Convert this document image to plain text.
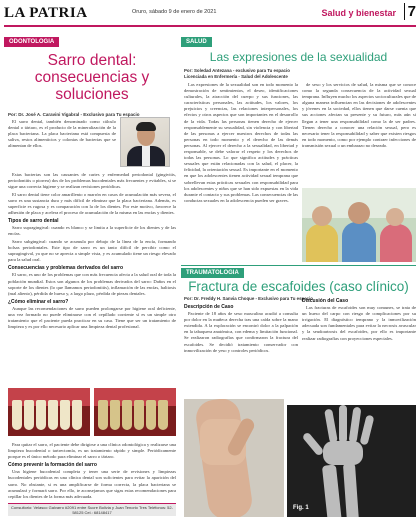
LA PATRIA	Oruro, sábado 9 de enero de 2021	Salud y bienestar 7
ODONTOLOGIA
Sarro dental: consecuencias y soluciones
Por: Dr. José A. Caravini Vigabral - Exclusivo para Tu espacio

El sarro dental, también denominado como cálculo dental o tártaro, es el producto de la mineralización de la placa bacteriana. La placa bacteriana está compuesta de saliva, restos alimenticios y colonias de bacterias que se alimentan de ellos.

Estas bacterias son las causantes de caries y enfermedad periodontal (gingivitis, periodontitis o piorrea) dos de los problemas bucodentales más frecuentes y evitables, si se sigue una correcta higiene y se realizan revisiones periódicas.

El sarro dental tiene color amarillento o marrón en casos de acumulación más severa, el sarro es una sustancia dura y más difícil de eliminar que la placa bacteriana. Además, es superficie es rugosa y es comparación con la de los dientes. Por este motivo, favorece la adhesión de placa y acelera el proceso de acumulación de la misma en las encías y dientes.

Tipos de sarro dental

Sarro supragingival: cuando es blanco y se limita a la superficie de los dientes y de las encías.

Sarro subgingival: cuando se acumula por debajo de la línea de la encía, formando bolsas periodontales. Este tipo de sarro es un tanto difícil de percibir como el supragingival, ya que no se aprecia a simple vista, y es acumulado tiene un riesgo elevado para la salud oral.

Consecuencias y problemas derivados del sarro

El sarro, es uno de los problemas que con más frecuencia afecta a la salud oral de toda la población mundial. Estos son algunos de los problemas derivados del sarro: Daños en el soporte de los dientes (lo que llamamos periodontitis), inflamación de las encías, halitosis (mal aliento), pérdida de hueso y, a largo plazo, pérdida de piezas dentales.

¿Cómo eliminar el sarro?

Aunque las recomendaciones de sarro pueden prolongarse por higiene oral deficiente, una vez formado no puede eliminarse con el cepillado corriente sí es un simple otro tratamiento que el paciente pueda practicar en su casa. Tiene que ser un tratamiento de limpieza y es por ello necesario aplicar una limpieza dental profesional.

Para quitar el sarro, el paciente debe dirigirse a una clínica odontológica y realizarse una limpieza bucodental o tartrectomía, es un tratamiento rápido y simple. Periódicamente porque es el único método para eliminar el sarro o tártaro.

Cómo prevenir la formación del sarro

Una higiene bucodental completa y tener una serie de revisiones y limpiezas bucodentales periódicas en una clínica dental son suficientes para evitar la aparición del sarro. No obstante, si es una amplificarse de forma correcta, la placa bacteriana se acumulará y formará sarro. Por ello, te aconsejamos que sigas estas recomendaciones para cepillar los dientes de la forma más adecuada.

Consultorio: Velasco Galvarro #2091 entre Sucre Bolivia y Juan Tenorio Tres Teléfonos: 52-58125 Cel.: 68148417
SALUD
Las expresiones de la sexualidad
Por: Soledad Antezana - exclusivo para Tu espacio Licenciada en Enfermería - Salud del Adolescente

Las expresiones de la sexualidad son en todo momento la demostración de sentimientos, el deseo, identificaciones culturales, la atracción del cuerpo y sus funciones, las características personales, las actitudes, los valores, los prejuicios y creencias, las relaciones interpersonales, los efectos y otros aspectos que son importantes en el desarrollo de la vida. Todas las personas tienen derecho de ejercer responsablemente su sexualidad, sin violencia y con libertad de las personas a ejercer nuestros derechos de todas las personas en todo momento y el derecho de las demás personas. Al ejercer el derecho a la sexualidad, en libertad y responsable, se debe valorar el respeto y los derechos de todas las personas. Lo que significa actitudes y prácticas sexuales que están relacionadas con la salud, el placer, la felicidad, la orientación sexual. Es importante en el momento en que los adolescentes tienen actividad sexual temprana que sobrellevan estas prácticas sexuales con responsabilidad para los adolescentes y niños que se han sido expuestas en la vida durante el contacto y sus problemas. Las consecuencias de las conductas sexuales en la adolescencia pueden ser graves.

de sexo y los servicios de salud, la misma que se conoce como la segunda consecuencia de la actividad sexual temprana. Influyen mucho los aspectos socioculturales que de alguna manera influencian en las decisiones de adolescentes y jóvenes en la sociedad, ellos tienen que darse cuenta que sus acciones afectan su presente y su futuro, más aún si llegan a tener una responsabilidad como la de ser padres. Tienen derecho a conocer una relación sexual, pero es necesario tener la responsabilidad y saber que existen riesgos en todo momento, como por ejemplo contraer infecciones de transmisión sexual o un embarazo no deseado.

TRAUMATOLOGIA
Fractura de escafoides (caso clínico)
Por: Dr. Freddy H. Sanvia Choque - Exclusivo para Tu espacio
Descripción de Caso

Paciente de 18 años de sexo masculino acudió a consulta por dolor en la muñeca derecha tras una caída sobre la mano extendida. A la exploración se encontró dolor a la palpación en la tabaquera anatómica, con edema y limitación funcional. Se realizaron radiografías que confirmaron la fractura del escafoides. Se decidió tratamiento conservador con inmovilización de yeso y controles periódicos.

Discusión del Caso

Las fracturas de escafoides son muy comunes, se trata de un hueso del carpo con riesgo de complicaciones por su irrigación. El diagnóstico temprano y la inmovilización adecuada son fundamentales para evitar la necrosis avascular y la seudoartrosis del escafoides, por ello es importante realizar radiografías con proyecciones especiales.

Fig. 1
